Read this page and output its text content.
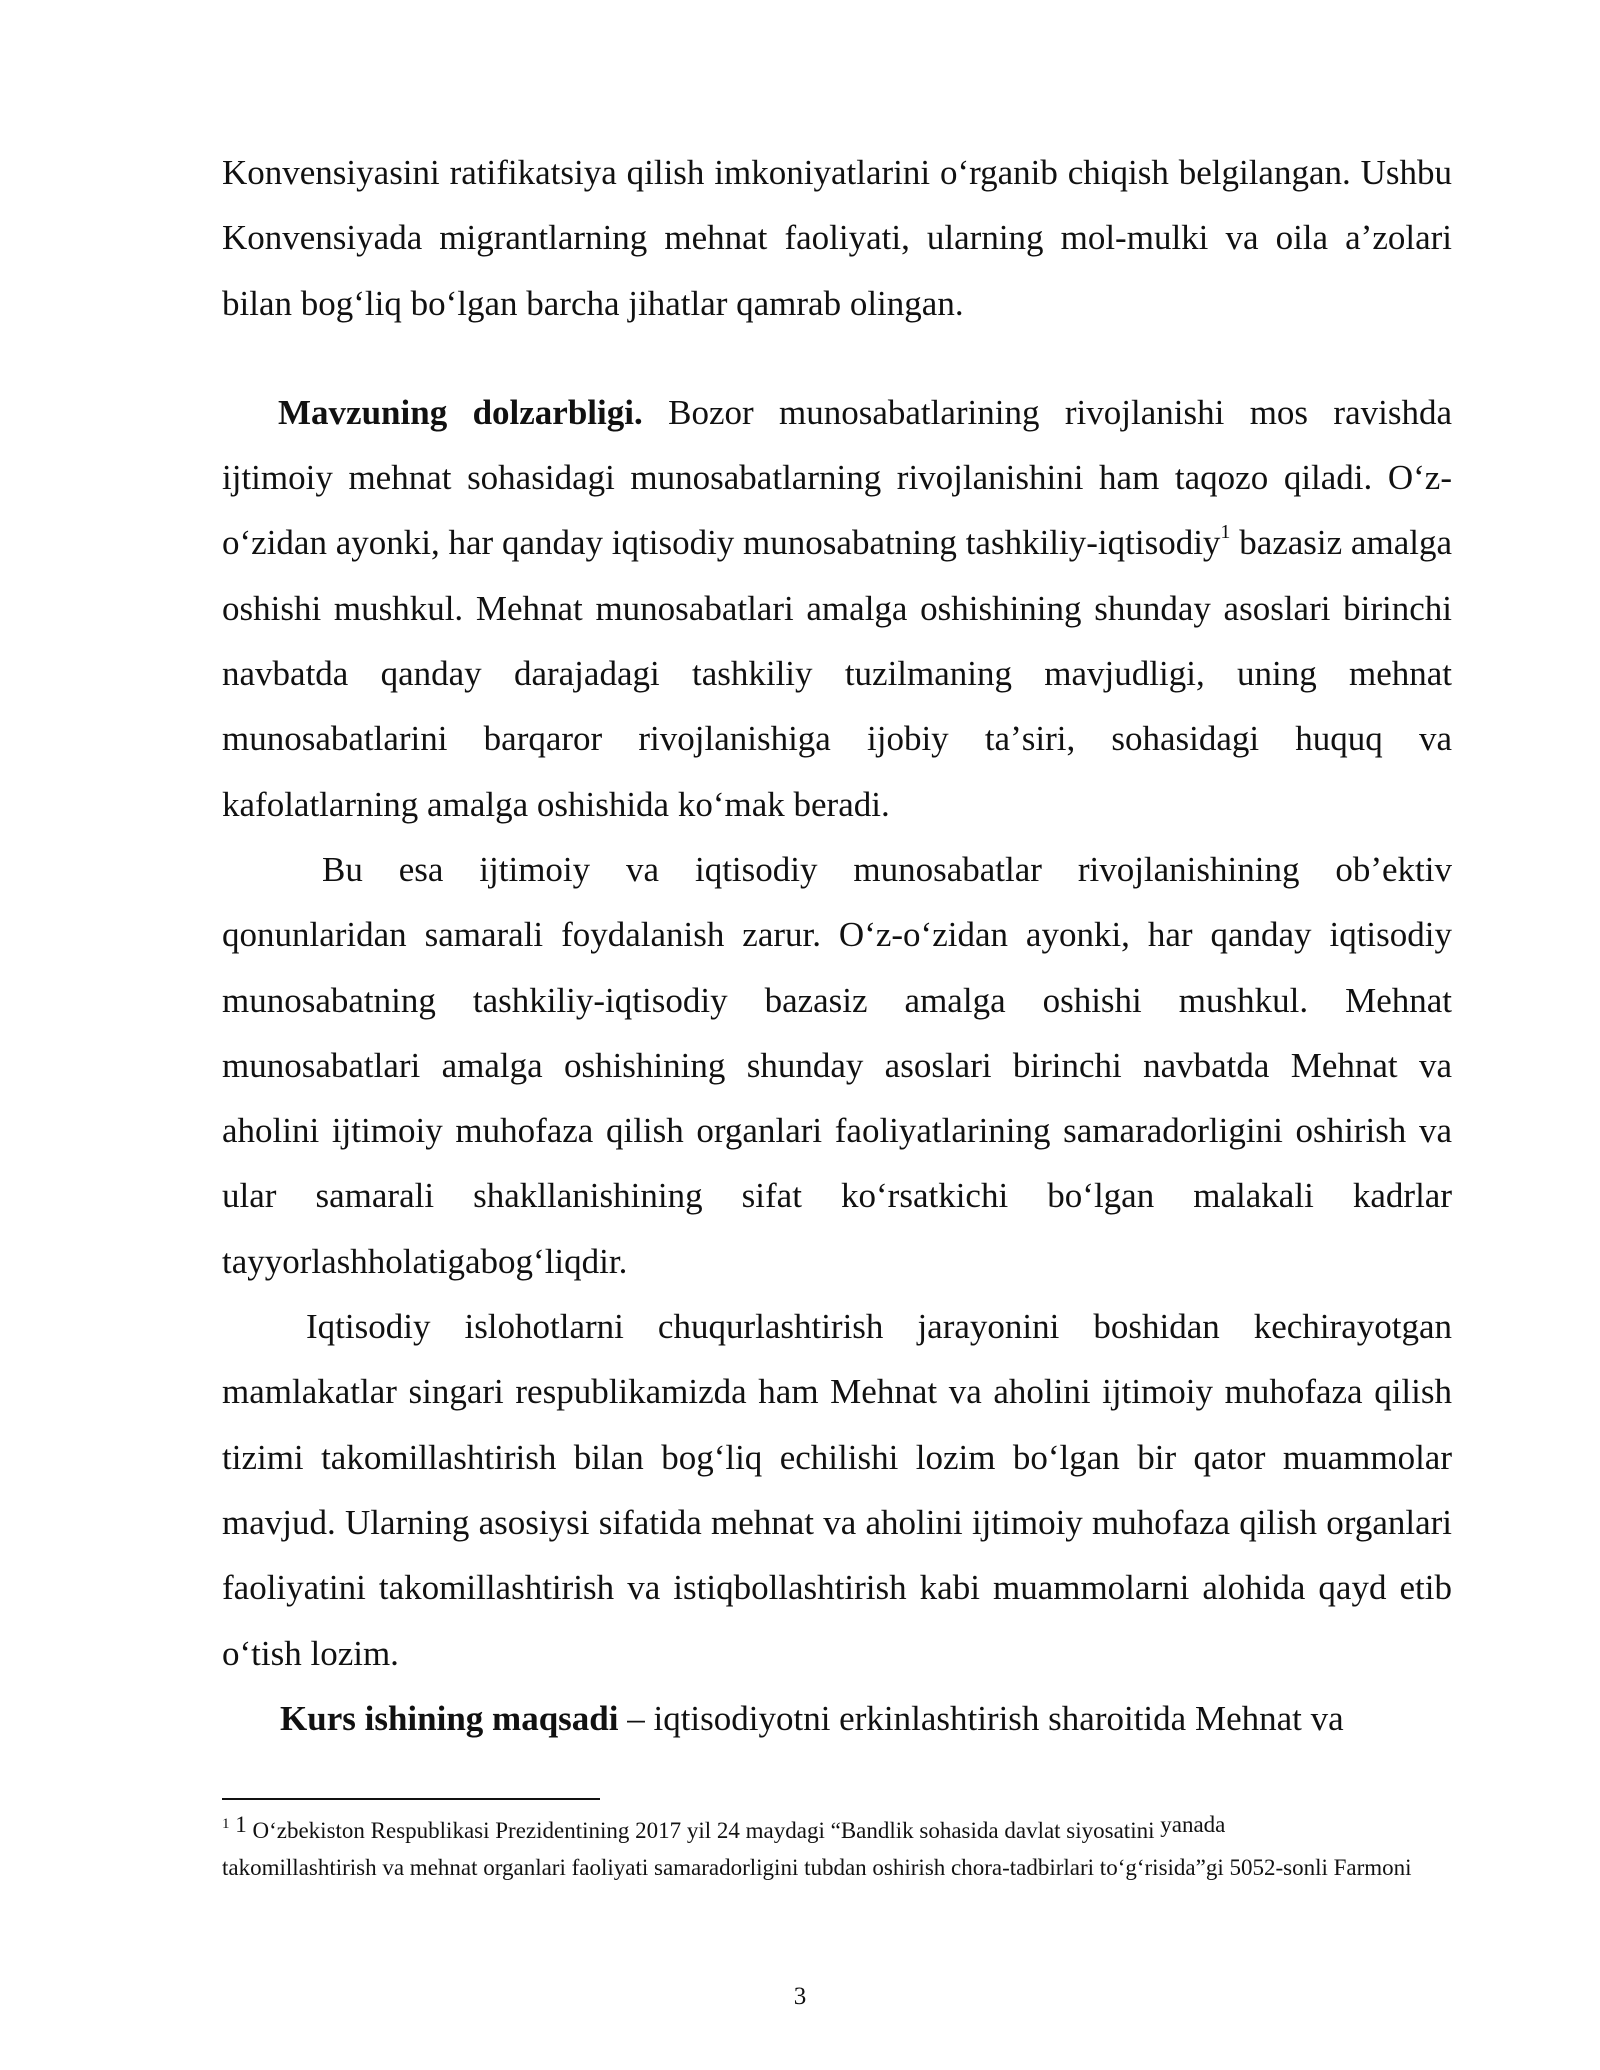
Konvensiyasini ratifikatsiya qilish imkoniyatlarini oʻrganib chiqish belgilangan. Ushbu Konvensiyada migrantlarning mehnat faoliyati, ularning mol-mulki va oila aʼzolari bilan bogʻliq boʻlgan barcha jihatlar qamrab olingan.

Mavzuning dolzarbligi. Bozor munosabatlarining rivojlanishi mos ravishda ijtimoiy mehnat sohasidagi munosabatlarning rivojlanishini ham taqozo qiladi. Oʻz-oʻzidan ayonki, har qanday iqtisodiy munosabatning tashkiliy-iqtisodiy$^1$ bazasiz amalga oshishi mushkul. Mehnat munosabatlari amalga oshishining shunday asoslari birinchi navbatda qanday darajadagi tashkiliy tuzilmaning mavjudligi, uning mehnat munosabatlarini barqaror rivojlanishiga ijobiy taʼsiri, sohasidagi huquq va kafolatlarning amalga oshishida koʻmak beradi.

Bu esa ijtimoiy va iqtisodiy munosabatlar rivojlanishining obʼektiv qonunlaridan samarali foydalanish zarur. Oʻz-oʻzidan ayonki, har qanday iqtisodiy munosabatning tashkiliy-iqtisodiy bazasiz amalga oshishi mushkul. Mehnat munosabatlari amalga oshishining shunday asoslari birinchi navbatda Mehnat va aholini ijtimoiy muhofaza qilish organlari faoliyatlarining samaradorligini oshirish va ular samarali shakllanishining sifat koʻrsatkichi boʻlgan malakali kadrlar tayyorlashholatigabogʻliqdir.

Iqtisodiy islohotlarni chuqurlashtirish jarayonini boshidan kechirayotgan mamlakatlar singari respublikamizda ham Mehnat va aholini ijtimoiy muhofaza qilish tizimi takomillashtirish bilan bogʻliq echilishi lozim boʻlgan bir qator muammolar mavjud. Ularning asosiysi sifatida mehnat va aholini ijtimoiy muhofaza qilish organlari faoliyatini takomillashtirish va istiqbollashtirish kabi muammolarni alohida qayd etib oʻtish lozim.

Kurs ishining maqsadi – iqtisodiyotni erkinlashtirish sharoitida Mehnat va

$^1$ 1 Oʻzbekiston Respublikasi Prezidentining 2017 yil 24 maydagi “Bandlik sohasida davlat siyosatini yanada

takomillashtirish va mehnat organlari faoliyati samaradorligini tubdan oshirish chora-tadbirlari toʻgʻrisida”gi 5052-sonli Farmoni

3
